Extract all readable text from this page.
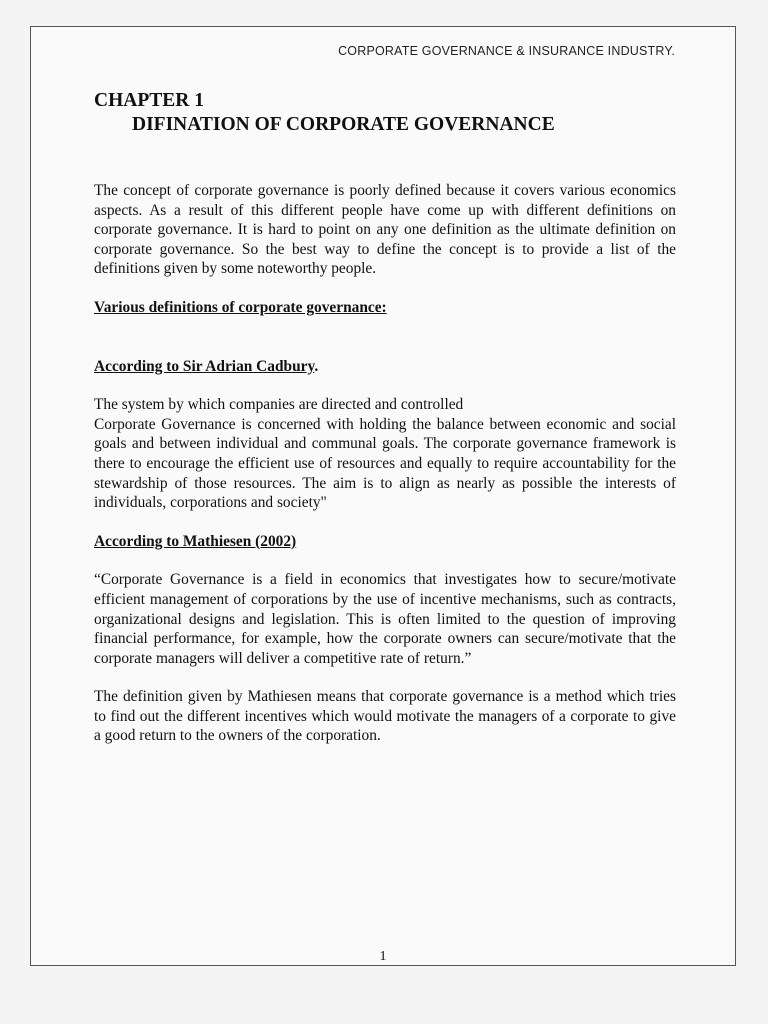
CORPORATE GOVERNANCE & INSURANCE INDUSTRY.
CHAPTER 1
DIFINATION OF CORPORATE GOVERNANCE

The concept of corporate governance is poorly defined because it covers various economics aspects. As a result of this different people have come up with different definitions on corporate governance. It is hard to point on any one definition as the ultimate definition on corporate governance. So the best way to define the concept is to provide a list of the definitions given by some noteworthy people.

Various definitions of corporate governance:

According to Sir Adrian Cadbury.

The system by which companies are directed and controlled

Corporate Governance is concerned with holding the balance between economic and social goals and between individual and communal goals. The corporate governance framework is there to encourage the efficient use of resources and equally to require accountability for the stewardship of those resources. The aim is to align as nearly as possible the interests of individuals, corporations and society"

According to Mathiesen (2002)

“Corporate Governance is a field in economics that investigates how to secure/motivate efficient management of corporations by the use of incentive mechanisms, such as contracts, organizational designs and legislation. This is often limited to the question of improving financial performance, for example, how the corporate owners can secure/motivate that the corporate managers will deliver a competitive rate of return.”

The definition given by Mathiesen means that corporate governance is a method which tries to find out the different incentives which would motivate the managers of a corporate to give a good return to the owners of the corporation.

1
